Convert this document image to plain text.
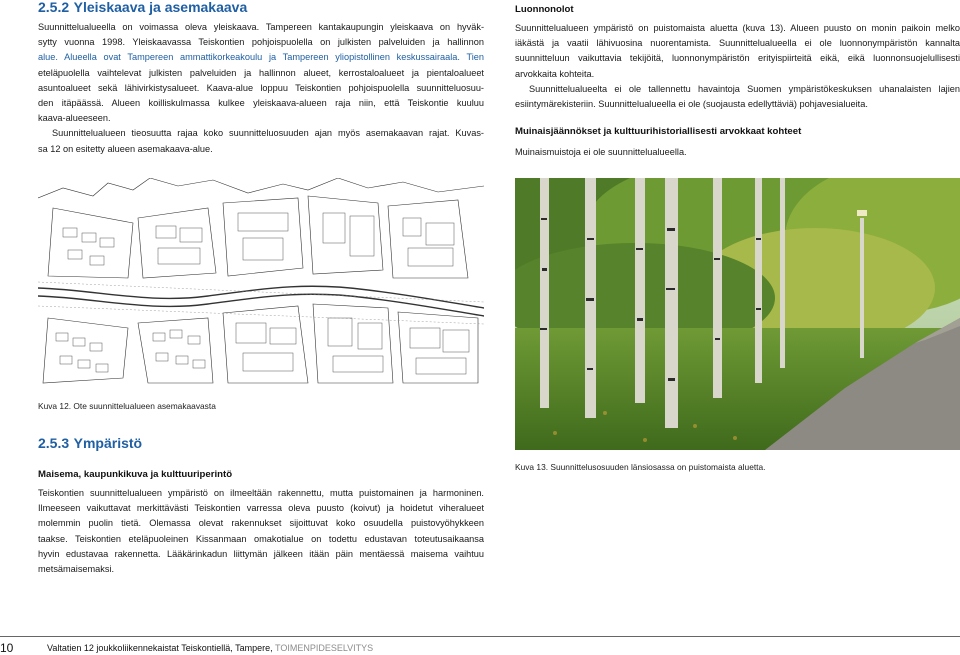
2.5.2 Yleiskaava ja asemakaava

Suunnittelualueella on voimassa oleva yleiskaava. Tampereen kantakaupungin yleiskaava on hyväk-

sytty vuonna 1998. Yleiskaavassa Teiskontien pohjoispuolella on julkisten palveluiden ja hallinnon

alue. Alueella ovat Tampereen ammattikorkeakoulu ja Tampereen yliopistollinen keskussairaala. Tien

eteläpuolella vaihtelevat julkisten palveluiden ja hallinnon alueet, kerrostaloalueet ja pientaloalueet

asuntoalueet sekä lähivirkistysalueet. Kaava-alue loppuu Teiskontien pohjoispuolella suunnitteluosuu-

den itäpäässä. Alueen koilliskulmassa kulkee yleiskaava-alueen raja niin, että Teiskontie kuuluu

kaava-alueeseen.

Suunnittelualueen tieosuutta rajaa koko suunnitteluosuuden ajan myös asemakaavan rajat. Kuvas-

sa 12 on esitetty alueen asemakaava-alue.

Kuva 12. Ote suunnittelualueen asemakaavasta
2.5.3 Ympäristö
Maisema, kaupunkikuva ja kulttuuriperintö

Teiskontien suunnittelualueen ympäristö on ilmeeltään rakennettu, mutta puistomainen ja harmoninen.

Ilmeeseen vaikuttavat merkittävästi Teiskontien varressa oleva puusto (koivut) ja hoidetut viheralueet

molemmin puolin tietä. Olemassa olevat rakennukset sijoittuvat koko osuudella puistovyöhykkeen

taakse. Teiskontien eteläpuoleinen Kissanmaan omakotialue on todettu edustavan toteutusaikaansa

hyvin edustavaa rakennetta. Lääkärinkadun liittymän jälkeen itään päin mentäessä maisema vaihtuu

metsämaisemaksi.

Luonnonolot

Suunnittelualueen ympäristö on puistomaista aluetta (kuva 13). Alueen puusto on monin paikoin melko

iäkästä ja vaatii lähivuosina nuorentamista. Suunnittelualueella ei ole luonnonympäristön kannalta

suunnitteluun vaikuttavia tekijöitä, luonnonympäristön erityispiirteitä eikä, eikä luonnonsuojelullisesti

arvokkaita kohteita.

Suunnittelualueelta ei ole tallennettu havaintoja Suomen ympäristökeskuksen uhanalaisten lajien

esiintymärekisteriin. Suunnittelualueella ei ole (suojausta edellyttäviä) pohjavesialueita.

Muinaisjäännökset ja kulttuurihistoriallisesti arvokkaat kohteet

Muinaismuistoja ei ole suunnittelualueella.

Kuva 13. Suunnittelusosuuden länsiosassa on puistomaista aluetta.
10	Valtatien 12 joukkoliikennekaistat Teiskontiellä, Tampere, TOIMENPIDESELVITYS
